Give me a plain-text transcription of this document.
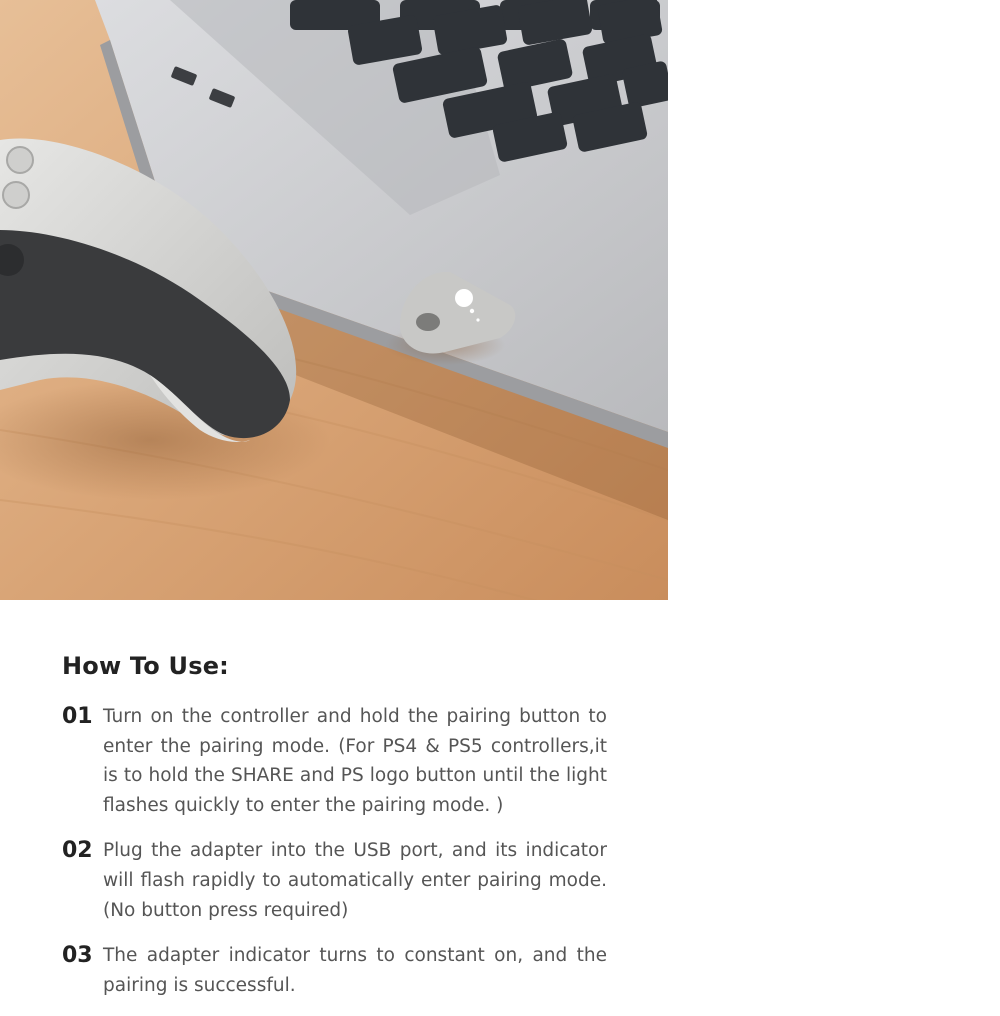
How To Use:
01 Turn on the controller and hold the pairing button to enter the pairing mode. (For PS4 & PS5 controllers,it is to hold the SHARE and PS logo button until the light flashes quickly to enter the pairing mode. )

02 Plug the adapter into the USB port, and its indicator will flash rapidly to automatically enter pairing mode. (No button press required)

03 The adapter indicator turns to constant on, and the pairing is successful.
